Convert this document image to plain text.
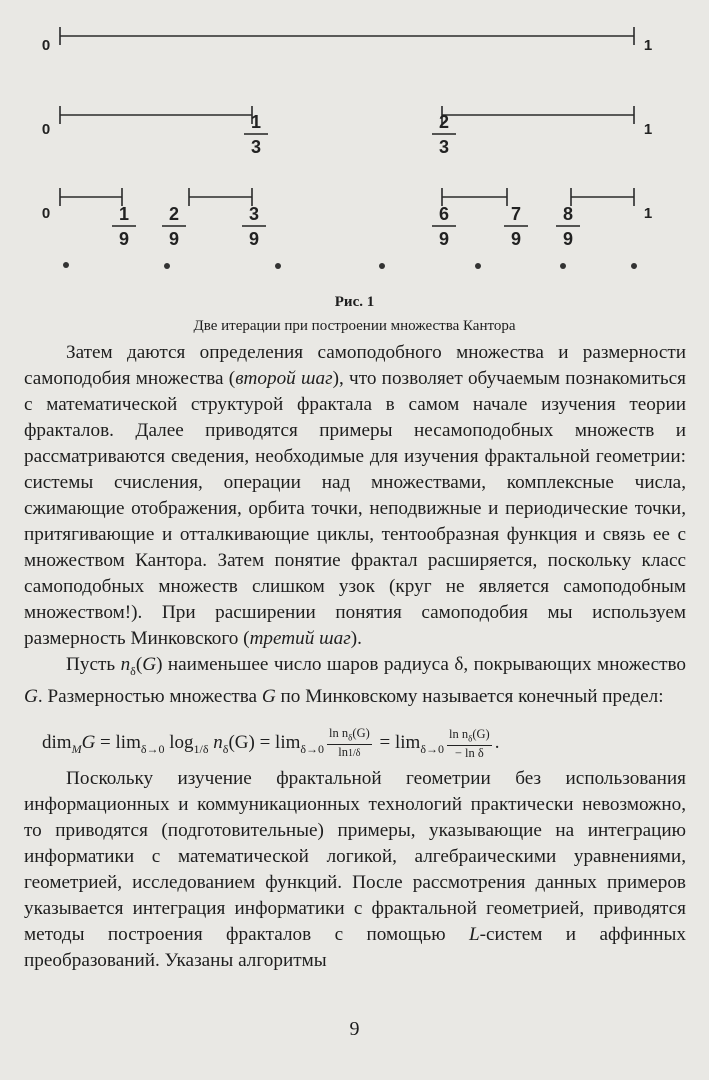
0	1
0	1
0	1
1
3
2
3
1
9
2
9
3
9
6
9
7
9
8
9
Рис. 1
Две итерации при построении множества Кантора

Затем даются определения самоподобного множества и размерности самоподобия множества (второй шаг), что позволяет обучаемым познакомиться с математической структурой фрактала в самом начале изучения теории фракталов. Далее приводятся примеры несамоподобных множеств и рассматриваются сведения, необходимые для изучения фрактальной геометрии: системы счисления, операции над множествами, комплексные числа, сжимающие отображения, орбита точки, неподвижные и периодические точки, притягивающие и отталкивающие циклы, тентообразная функция и связь ее с множеством Кантора. Затем понятие фрактал расширяется, поскольку класс самоподобных множеств слишком узок (круг не является самоподобным множеством!). При расширении понятия самоподобия мы используем размерность Минковского (третий шаг).

Пусть $n_\delta(G)$ наименьшее число шаров радиуса δ, покрывающих множество G. Размерностью множества G по Минковскому называется конечный предел:

$dim_MG = \lim_{\delta\to 0} \log_{1/\delta} n_\delta(G) = \lim_{\delta\to 0} \frac{\ln n_\delta(G)}{\ln 1/\delta} = \lim_{\delta\to 0} \frac{\ln n_\delta(G)}{\text{− ln δ}}$ .

Поскольку изучение фрактальной геометрии без использования информационных и коммуникационных технологий практически невозможно, то приводятся (подготовительные) примеры, указывающие на интеграцию информатики с математической логикой, алгебраическими уравнениями, геометрией, исследованием функций. После рассмотрения данных примеров указывается интеграция информатики с фрактальной геометрией, приводятся методы построения фракталов с помощью L-систем и аффинных преобразований. Указаны алгоритмы

9
